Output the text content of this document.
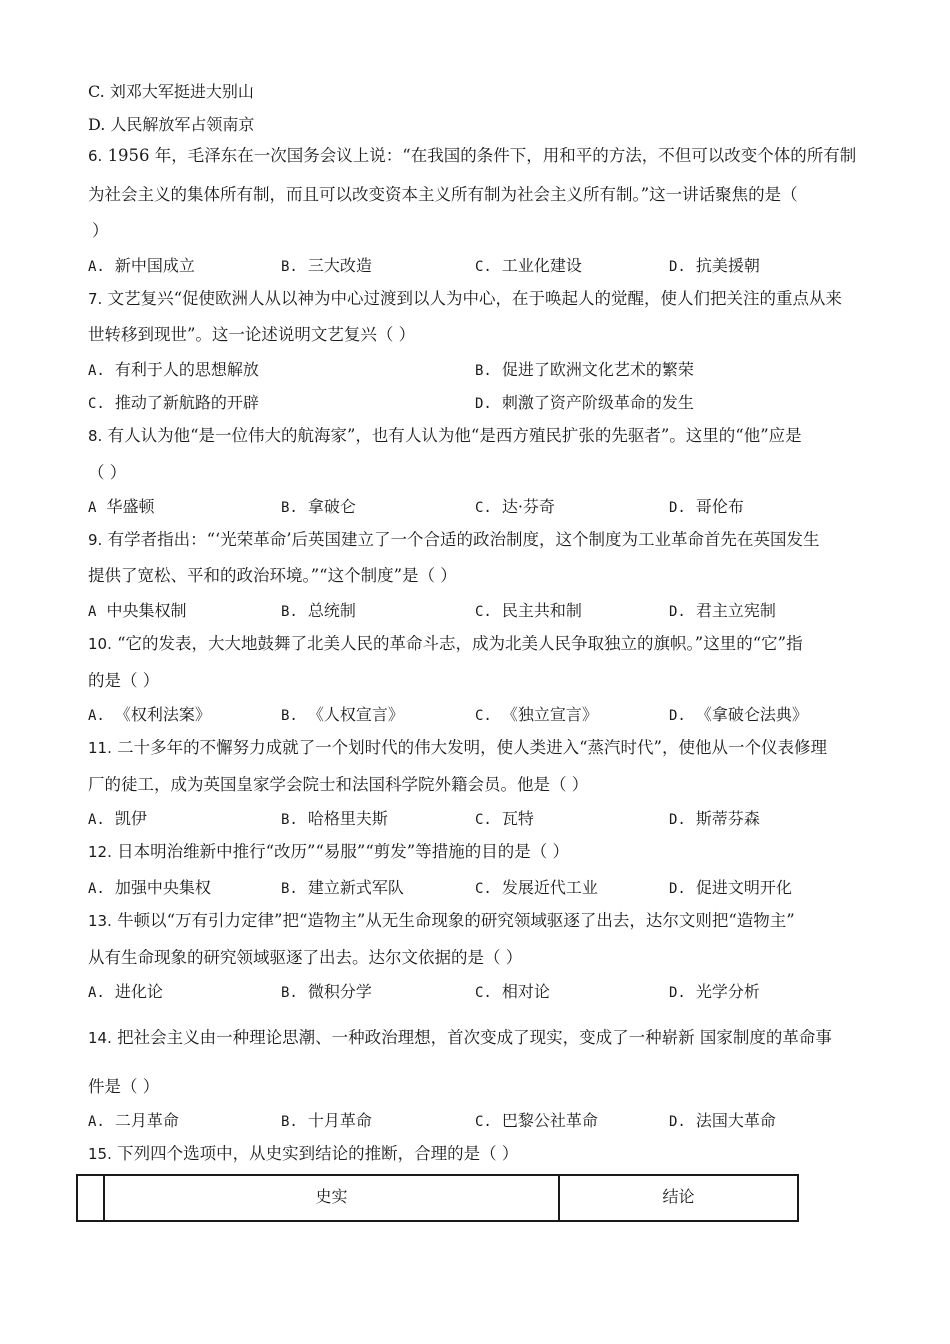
C. 刘邓大军挺进大别山
D. 人民解放军占领南京
6. 1956 年，毛泽东在一次国务会议上说：“在我国的条件下，用和平的方法，不但可以改变个体的所有制
为社会主义的集体所有制，而且可以改变资本主义所有制为社会主义所有制。”这一讲话聚焦的是（
）
A. 新中国成立	B. 三大改造	C. 工业化建设	D. 抗美援朝
7. 文艺复兴“促使欧洲人从以神为中心过渡到以人为中心，在于唤起人的觉醒，使人们把关注的重点从来
世转移到现世”。这一论述说明文艺复兴（ ）
A. 有利于人的思想解放	B. 促进了欧洲文化艺术的繁荣
C. 推动了新航路的开辟	D. 刺激了资产阶级革命的发生
8. 有人认为他“是一位伟大的航海家”，也有人认为他“是西方殖民扩张的先驱者”。这里的“他”应是
（ ）
A 华盛顿	B. 拿破仑	C. 达·芬奇	D. 哥伦布
9. 有学者指出：“‘光荣革命’后英国建立了一个合适的政治制度，这个制度为工业革命首先在英国发生
提供了宽松、平和的政治环境。”“这个制度”是（ ）
A 中央集权制	B. 总统制	C. 民主共和制	D. 君主立宪制
10. “它的发表，大大地鼓舞了北美人民的革命斗志，成为北美人民争取独立的旗帜。”这里的“它”指
的是（ ）
A. 《权利法案》	B. 《人权宣言》	C. 《独立宣言》	D. 《拿破仑法典》
11. 二十多年的不懈努力成就了一个划时代的伟大发明，使人类进入“蒸汽时代”，使他从一个仪表修理
厂的徒工，成为英国皇家学会院士和法国科学院外籍会员。他是（ ）
A. 凯伊	B. 哈格里夫斯	C. 瓦特	D. 斯蒂芬森
12. 日本明治维新中推行“改历”“易服”“剪发”等措施的目的是（ ）
A. 加强中央集权	B. 建立新式军队	C. 发展近代工业	D. 促进文明开化
13. 牛顿以“万有引力定律”把“造物主”从无生命现象的研究领域驱逐了出去，达尔文则把“造物主”
从有生命现象的研究领域驱逐了出去。达尔文依据的是（ ）
A. 进化论	B. 微积分学	C. 相对论	D. 光学分析
14. 把社会主义由一种理论思潮、一种政治理想，首次变成了现实，变成了一种崭新 国家制度的革命事
件是（ ）
A. 二月革命	B. 十月革命	C. 巴黎公社革命	D. 法国大革命
15. 下列四个选项中，从史实到结论的推断，合理的是（ ）
	史实	结论
